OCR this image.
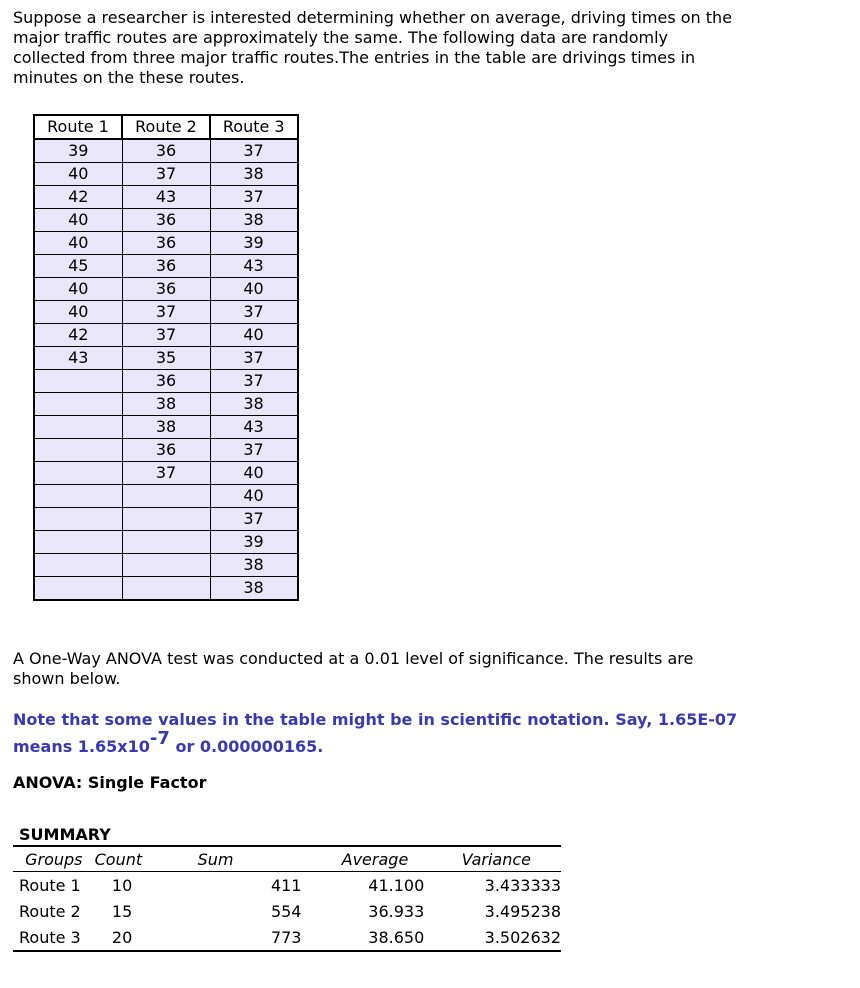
Suppose a researcher is interested determining whether on average, driving times on the major traffic routes are approximately the same. The following data are randomly collected from three major traffic routes.The entries in the table are drivings times in minutes on the these routes.

Route 1	Route 2	Route 3
39	36	37
40	37	38
42	43	37
40	36	38
40	36	39
45	36	43
40	36	40
40	37	37
42	37	40
43	35	37
	36	37
	38	38
	38	43
	36	37
	37	40
		40
		37
		39
		38
		38

A One-Way ANOVA test was conducted at a 0.01 level of significance. The results are shown below.

Note that some values in the table might be in scientific notation. Say, 1.65E-07
means $1.65x10^{-7}$ or 0.000000165.

ANOVA: Single Factor

SUMMARY				
Groups	Count	Sum	Average	Variance
Route 1	10	411	41.100	3.433333
Route 2	15	554	36.933	3.495238
Route 3	20	773	38.650	3.502632
